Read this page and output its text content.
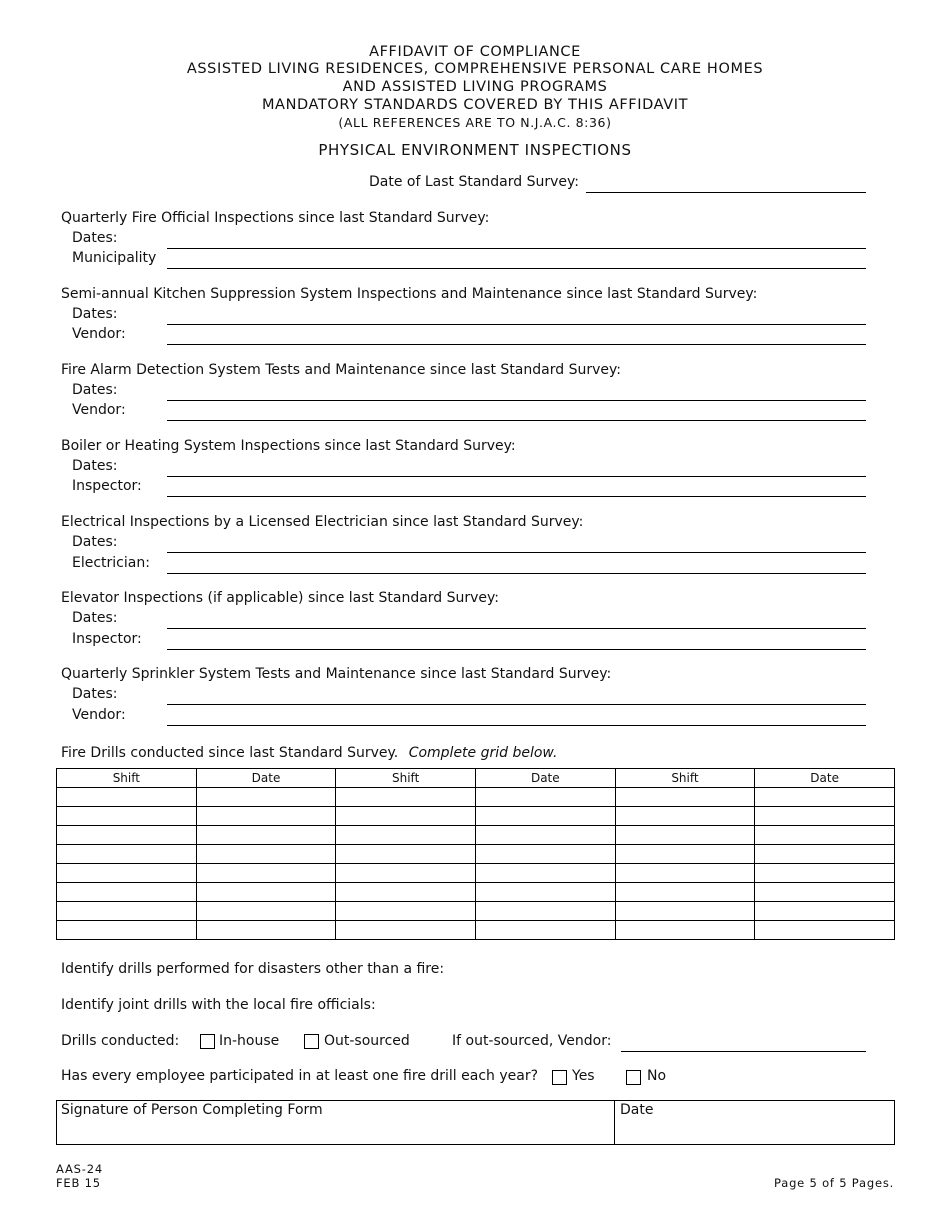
AFFIDAVIT OF COMPLIANCE
ASSISTED LIVING RESIDENCES, COMPREHENSIVE PERSONAL CARE HOMES
AND ASSISTED LIVING PROGRAMS
MANDATORY STANDARDS COVERED BY THIS AFFIDAVIT
(ALL REFERENCES ARE TO N.J.A.C. 8:36)
PHYSICAL ENVIRONMENT INSPECTIONS
Date of Last Standard Survey:
Quarterly Fire Official Inspections since last Standard Survey:
Dates:
Municipality
Semi-annual Kitchen Suppression System Inspections and Maintenance since last Standard Survey:
Dates:
Vendor:
Fire Alarm Detection System Tests and Maintenance since last Standard Survey:
Dates:
Vendor:
Boiler or Heating System Inspections since last Standard Survey:
Dates:
Inspector:
Electrical Inspections by a Licensed Electrician since last Standard Survey:
Dates:
Electrician:
Elevator Inspections (if applicable) since last Standard Survey:
Dates:
Inspector:
Quarterly Sprinkler System Tests and Maintenance since last Standard Survey:
Dates:
Vendor:
Fire Drills conducted since last Standard Survey. Complete grid below.
Shift	Date	Shift	Date	Shift	Date

Identify drills performed for disasters other than a fire:
Identify joint drills with the local fire officials:
Drills conducted:	In-house	Out-sourced	If out-sourced, Vendor:
Has every employee participated in at least one fire drill each year? Yes	No
Signature of Person Completing Form	Date
AAS-24
FEB 15	Page 5 of 5 Pages.
